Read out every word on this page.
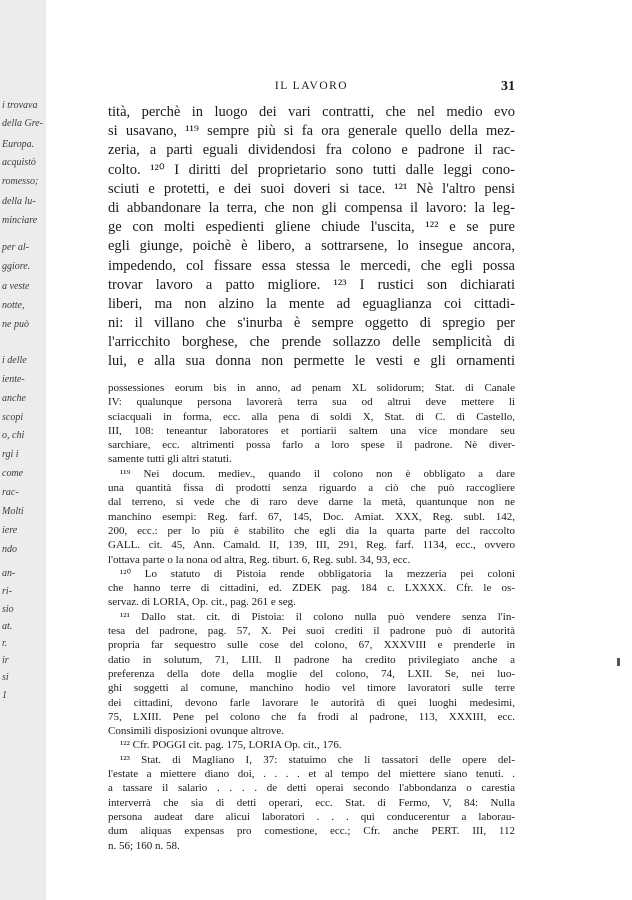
i trovava
della Gre-
Europa.
acquistò
romesso;
della lu-
minciare
per al-
ggiore.
a veste
notte,
ne può
i delle
iente-
anche
scopi
o, chi
rgi i
come
rac-
Molti
iere
ndo
an-
ri-
sio
at.
r.
ir
si
1
IL LAVORO	31
tità, perchè in luogo dei vari contratti, che nel medio evo
si usavano, ¹¹⁹ sempre più si fa ora generale quello della mez-
zeria, a parti eguali dividendosi fra colono e padrone il rac-
colto. ¹²⁰ I diritti del proprietario sono tutti dalle leggi cono-
sciuti e protetti, e dei suoi doveri si tace. ¹²¹ Nè l'altro pensi
di abbandonare la terra, che non gli compensa il lavoro: la leg-
ge con molti espedienti gliene chiude l'uscita, ¹²² e se pure
egli giunge, poichè è libero, a sottrarsene, lo insegue ancora,
impedendo, col fissare essa stessa le mercedi, che egli possa
trovar lavoro a patto migliore. ¹²³ I rustici son dichiarati
liberi, ma non alzino la mente ad eguaglianza coi cittadi-
ni: il villano che s'inurba è sempre oggetto di spregio per
l'arricchito borghese, che prende sollazzo delle semplicità di
lui, e alla sua donna non permette le vesti e gli ornamenti
possessiones eorum bis in anno, ad penam XL solidorum; Stat. di Canale
IV: qualunque persona lavorerà terra sua od altrui deve mettere li
sciacquali in forma, ecc. alla pena di soldi X, Stat. di C. di Castello,
III, 108: teneantur laboratores et portiarii saltem una vice mondare seu
sarchiare, ecc. altrimenti possa farlo a loro spese il padrone. Nè diver-
samente tutti gli altri statuti.
¹¹⁹ Nei docum. mediev., quando il colono non è obbligato a dare
una quantità fissa di prodotti senza riguardo a ciò che può raccogliere
dal terreno, si vede che di raro deve darne la metà, quantunque non ne
manchino esempi: Reg. farf. 67, 145, Doc. Amiat. XXX, Reg. subl. 142,
200, ecc.: per lo più è stabilito che egli dia la quarta parte del raccolto
GALL. cit. 45, Ann. Camald. II, 139, III, 291, Reg. farf. 1134, ecc., ovvero
l'ottava parte o la nona od altra, Reg. tiburt. 6, Reg. subl. 34, 93, ecc.
¹²⁰ Lo statuto di Pistoia rende obbligatoria la mezzeria pei coloni
che hanno terre di cittadini, ed. ZDEK pag. 184 c. LXXXX. Cfr. le os-
servaz. di LORIA, Op. cit., pag. 261 e seg.
¹²¹ Dallo stat. cit. di Pistoia: il colono nulla può vendere senza l'in-
tesa del padrone, pag. 57, X. Pei suoi crediti il padrone può di autorità
propria far sequestro sulle cose del colono, 67, XXXVIII e prenderle in
datio in solutum, 71, LIII. Il padrone ha credito privilegiato anche a
preferenza della dote della moglie del colono, 74, LXII. Se, nei luo-
ghi soggetti al comune, manchino hodio vel timore lavoratori sulle terre
dei cittadini, devono farle lavorare le autorità di quei luoghi medesimi,
75, LXIII. Pene pel colono che fa frodi al padrone, 113, XXXIII, ecc.
Consimili disposizioni ovunque altrove.
¹²² Cfr. POGGI cit. pag. 175, LORIA Op. cit., 176.
¹²³ Stat. di Magliano I, 37: statuimo che li tassatori delle opere del-
l'estate a miettere diano doi, . . . . et al tempo del miettere siano tenuti. .
a tassare il salario . . . . de detti operai secondo l'abbondanza o carestia
interverrà che sia di detti operari, ecc. Stat. di Fermo, V, 84: Nulla
persona audeat dare alicui laboratori . . . qui conducerentur a laborau-
dum aliquas expensas pro comestione, ecc.; Cfr. anche PERT. III, 112
n. 56; 160 n. 58.
